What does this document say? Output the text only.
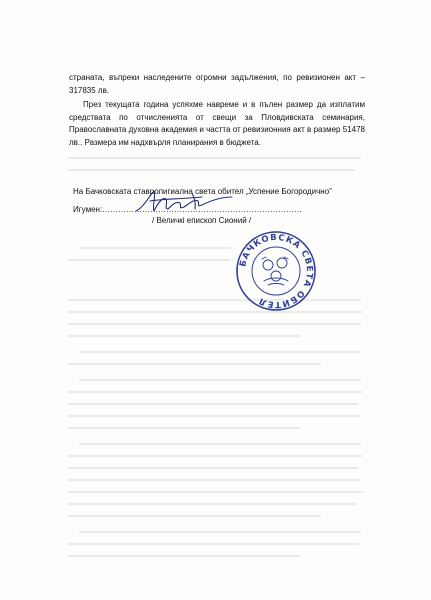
страната, въпреки наследените огромни задължения, по ревизионен акт – 317835 лв.
През текущата година успяхме навреме и в пълен размер да изплатим средствата по отчисленията от свещи за Пловдивската семинария, Православната духовна академия и частта от ревизионния акт в размер 51478 лв.. Размера им надхвърля планирания в бюджета.
На Бачковската ставропигиална света обител „Успение Богородично”
Игумен:…………………………………………………………………
/ Величкi епископ Сионий /
БАЧКОВСКА СВЕТА ОБИТЕЛ
